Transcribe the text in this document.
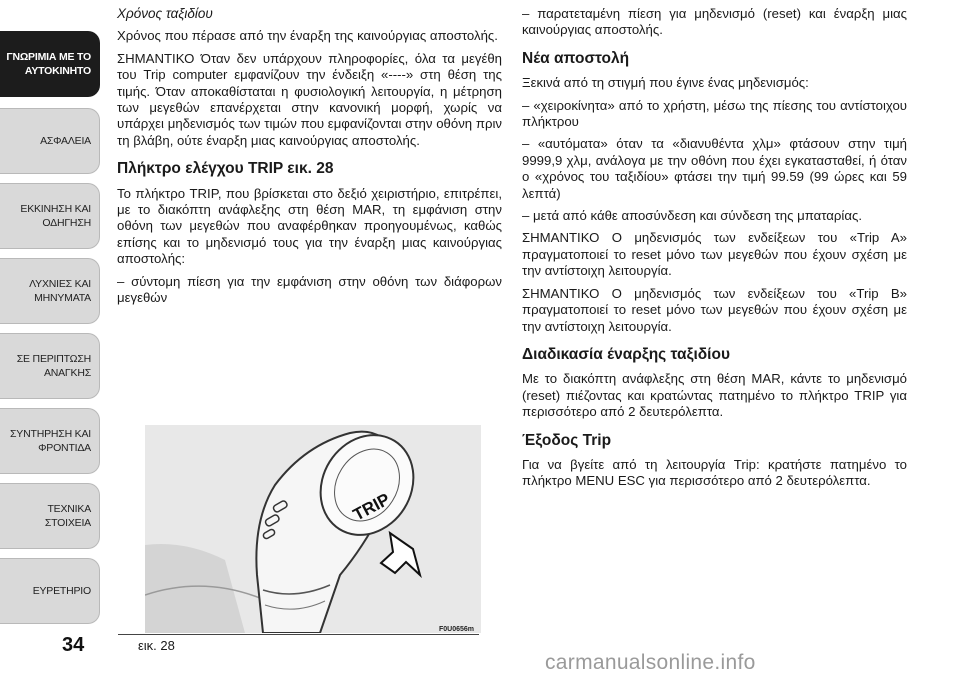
ΓΝΩΡΙΜΙΑ ΜΕ ΤΟ
ΑΥΤΟΚΙΝΗΤΟ
ΑΣΦΑΛΕΙΑ
ΕΚΚΙΝΗΣΗ ΚΑΙ
ΟΔΗΓΗΣΗ
ΛΥΧΝΙΕΣ ΚΑΙ
ΜΗΝΥΜΑΤΑ
ΣΕ ΠΕΡΙΠΤΩΣΗ
ΑΝΑΓΚΗΣ
ΣΥΝΤΗΡΗΣΗ ΚΑΙ
ΦΡΟΝΤΙΔΑ
ΤΕΧΝΙΚΑ ΣΤΟΙΧΕΙΑ
ΕΥΡΕΤΗΡΙΟ
34
Χρόνος ταξιδίου

Χρόνος που πέρασε από την έναρξη της καινούργιας αποστολής.

ΣΗΜΑΝΤΙΚΟ Όταν δεν υπάρχουν πληροφορίες, όλα τα μεγέθη του Trip computer εμφανίζουν την ένδειξη «----» στη θέση της τιμής. Όταν αποκαθίσταται η φυσιολογική λειτουργία, η μέτρηση των μεγεθών επανέρχεται στην κανονική μορφή, χωρίς να υπάρχει μηδενισμός των τιμών που εμφανίζονται στην οθόνη πριν τη βλάβη, ούτε έναρξη μιας καινούργιας αποστολής.

Πλήκτρο ελέγχου TRIP εικ. 28

Το πλήκτρο TRIP, που βρίσκεται στο δεξιό χειριστήριο, επιτρέπει, με το διακόπτη ανάφλεξης στη θέση MAR, τη εμφάνιση στην οθόνη των μεγεθών που αναφέρθηκαν προηγουμένως, καθώς επίσης και το μηδενισμό τους για την έναρξη μιας καινούργιας αποστολής:

– σύντομη πίεση για την εμφάνιση στην οθόνη των διάφορων μεγεθών

TRIP
εικ. 28
F0U0656m

– παρατεταμένη πίεση για μηδενισμό (reset) και έναρξη μιας καινούργιας αποστολής.

Νέα αποστολή

Ξεκινά από τη στιγμή που έγινε ένας μηδενισμός:

– «χειροκίνητα» από το χρήστη, μέσω της πίεσης του αντίστοιχου πλήκτρου

– «αυτόματα» όταν τα «διανυθέντα χλμ» φτάσουν στην τιμή 9999,9 χλμ, ανάλογα με την οθόνη που έχει εγκατασταθεί, ή όταν ο «χρόνος του ταξιδίου» φτάσει την τιμή 99.59 (99 ώρες και 59 λεπτά)

– μετά από κάθε αποσύνδεση και σύνδεση της μπαταρίας.

ΣΗΜΑΝΤΙΚΟ Ο μηδενισμός των ενδείξεων του «Trip A» πραγματοποιεί το reset μόνο των μεγεθών που έχουν σχέση με την αντίστοιχη λειτουργία.

ΣΗΜΑΝΤΙΚΟ Ο μηδενισμός των ενδείξεων του «Trip B» πραγματοποιεί το reset μόνο των μεγεθών που έχουν σχέση με την αντίστοιχη λειτουργία.

Διαδικασία έναρξης ταξιδίου

Με το διακόπτη ανάφλεξης στη θέση MAR, κάντε το μηδενισμό (reset) πιέζοντας και κρατώντας πατημένο το πλήκτρο TRIP για περισσότερο από 2 δευτερόλεπτα.

Έξοδος Trip

Για να βγείτε από τη λειτουργία Trip: κρατήστε πατημένο το πλήκτρο MENU ESC για περισσότερο από 2 δευτερόλεπτα.

carmanualsonline.info
